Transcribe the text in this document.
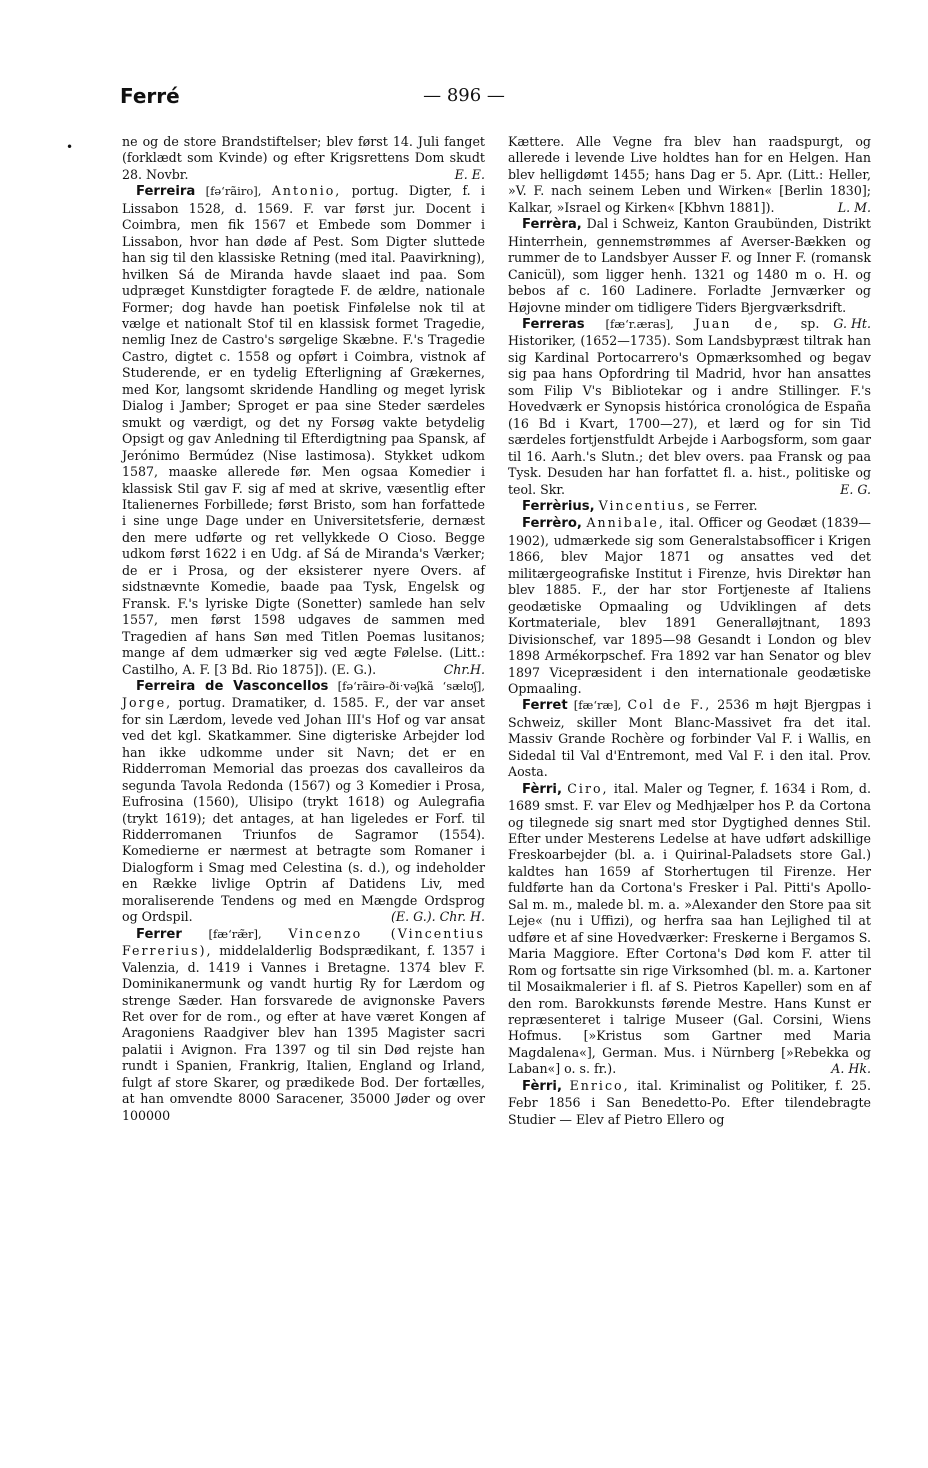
Ferré	— 896 —
•	ne og de store Brandstiftelser; blev først 14. Juli fanget (forklædt som Kvinde) og efter Krigsrettens Dom skudt 28. Novbr.	E. E.

Ferreira [fə‘rãiro], Antonio, portug. Digter, f. i Lissabon 1528, d. 1569. F. var først jur. Docent i Coimbra, men fik 1567 et Embede som Dommer i Lissabon, hvor han døde af Pest. Som Digter sluttede han sig til den klassiske Retning (med ital. Paavirkning), hvilken Sá de Miranda havde slaaet ind paa. Som udpræget Kunstdigter foragtede F. de ældre, nationale Former; dog havde han poetisk Finfølelse nok til at vælge et nationalt Stof til en klassisk formet Tragedie, nemlig Inez de Castro's sørgelige Skæbne. F.'s Tragedie Castro, digtet c. 1558 og opført i Coimbra, vistnok af Studerende, er en tydelig Efterligning af Grækernes, med Kor, langsomt skridende Handling og meget lyrisk Dialog i Jamber; Sproget er paa sine Steder særdeles smukt og værdigt, og det ny Forsøg vakte betydelig Opsigt og gav Anledning til Efterdigtning paa Spansk, af Jerónimo Bermúdez (Nise lastimosa). Stykket udkom 1587, maaske allerede før. Men ogsaa Komedier i klassisk Stil gav F. sig af med at skrive, væsentlig efter Italienernes Forbillede; først Bristo, som han forfattede i sine unge Dage under en Universitetsferie, dernæst den mere udførte og ret vellykkede O Cioso. Begge udkom først 1622 i en Udg. af Sá de Miranda's Værker; de er i Prosa, og der eksisterer nyere Overs. af sidstnævnte Komedie, baade paa Tysk, Engelsk og Fransk. F.'s lyriske Digte (Sonetter) samlede han selv 1557, men først 1598 udgaves de sammen med Tragedien af hans Søn med Titlen Poemas lusitanos; mange af dem udmærker sig ved ægte Følelse. (Litt.: Castilho, A. F. [3 Bd. Rio 1875]). (E. G.).	Chr.H.

Ferreira de Vasconcellos [fə‘rãirə-ðiˑvəʃkã ‘sælʊʃ], Jorge, portug. Dramatiker, d. 1585. F., der var anset for sin Lærdom, levede ved Johan III's Hof og var ansat ved det kgl. Skatkammer. Sine digteriske Arbejder lod han ikke udkomme under sit Navn; det er en Ridderroman Memorial das proezas dos cavalleiros da segunda Tavola Redonda (1567) og 3 Komedier i Prosa, Eufrosina (1560), Ulisipo (trykt 1618) og Aulegrafia (trykt 1619); det antages, at han ligeledes er Forf. til Ridderromanen Triunfos de Sagramor (1554). Komedierne er nærmest at betragte som Romaner i Dialogform i Smag med Celestina (s. d.), og indeholder en Række livlige Optrin af Datidens Liv, med moraliserende Tendens og med en Mængde Ordsprog og Ordspil.	(E. G.). Chr. H.

Ferrer [fæ‘ræ̃r], Vincenzo (Vincentius Ferrerius), middelalderlig Bodsprædikant, f. 1357 i Valenzia, d. 1419 i Vannes i Bretagne. 1374 blev F. Dominikanermunk og vandt hurtig Ry for Lærdom og strenge Sæder. Han forsvarede de avignonske Pavers Ret over for de rom., og efter at have været Kongen af Aragoniens Raadgiver blev han 1395 Magister sacri palatii i Avignon. Fra 1397 og til sin Død rejste han rundt i Spanien, Frankrig, Italien, England og Irland, fulgt af store Skarer, og prædikede Bod. Der fortælles, at han omvendte 8000 Saracener, 35000 Jøder og over 100000

Kættere. Alle Vegne fra blev han raadspurgt, og allerede i levende Live holdtes han for en Helgen. Han blev helligdømt 1455; hans Dag er 5. Apr. (Litt.: Heller, »V. F. nach seinem Leben und Wirken« [Berlin 1830]; Kalkar, »Israel og Kirken« [Kbhvn 1881]).	L. M.

Ferrèra, Dal i Schweiz, Kanton Graubünden, Distrikt Hinterrhein, gennemstrømmes af Averser-Bækken og rummer de to Landsbyer Ausser F. og Inner F. (romansk Canicül), som ligger henh. 1321 og 1480 m o. H. og bebos af c. 160 Ladinere. Forladte Jernværker og Højovne minder om tidligere Tiders Bjergværksdrift.
G. Ht.

Ferreras [fæ‘r.æras], Juan de, sp. Historiker, (1652—1735). Som Landsbypræst tiltrak han sig Kardinal Portocarrero's Opmærksomhed og begav sig paa hans Opfordring til Madrid, hvor han ansattes som Filip V's Bibliotekar og i andre Stillinger. F.'s Hovedværk er Synopsis histórica cronológica de España (16 Bd i Kvart, 1700—27), et lærd og for sin Tid særdeles fortjenstfuldt Arbejde i Aarbogsform, som gaar til 16. Aarh.'s Slutn.; det blev overs. paa Fransk og paa Tysk. Desuden har han forfattet fl. a. hist., politiske og teol. Skr.	E. G.

Ferrèrius, Vincentius, se Ferrer.

Ferrèro, Annibale, ital. Officer og Geodæt (1839—1902), udmærkede sig som Generalstabsofficer i Krigen 1866, blev Major 1871 og ansattes ved det militærgeografiske Institut i Firenze, hvis Direktør han blev 1885. F., der har stor Fortjeneste af Italiens geodætiske Opmaaling og Udviklingen af dets Kortmateriale, blev 1891 Generalløjtnant, 1893 Divisionschef, var 1895—98 Gesandt i London og blev 1898 Armékorpschef. Fra 1892 var han Senator og blev 1897 Vicepræsident i den internationale geodætiske Opmaaling.

Ferret [fæ‘ræ], Col de F., 2536 m højt Bjergpas i Schweiz, skiller Mont Blanc-Massivet fra det ital. Massiv Grande Rochère og forbinder Val F. i Wallis, en Sidedal til Val d'Entremont, med Val F. i den ital. Prov. Aosta.

Fèrri, Ciro, ital. Maler og Tegner, f. 1634 i Rom, d. 1689 smst. F. var Elev og Medhjælper hos P. da Cortona og tilegnede sig snart med stor Dygtighed dennes Stil. Efter under Mesterens Ledelse at have udført adskillige Freskoarbejder (bl. a. i Quirinal-Paladsets store Gal.) kaldtes han 1659 af Storhertugen til Firenze. Her fuldførte han da Cortona's Fresker i Pal. Pitti's Apollo-Sal m. m., malede bl. m. a. »Alexander den Store paa sit Leje« (nu i Uffizi), og herfra saa han Lejlighed til at udføre et af sine Hovedværker: Freskerne i Bergamos S. Maria Maggiore. Efter Cortona's Død kom F. atter til Rom og fortsatte sin rige Virksomhed (bl. m. a. Kartoner til Mosaikmalerier i fl. af S. Pietros Kapeller) som en af den rom. Barokkunsts førende Mestre. Hans Kunst er repræsenteret i talrige Museer (Gal. Corsini, Wiens Hofmus. [»Kristus som Gartner med Maria Magdalena«], German. Mus. i Nürnberg [»Rebekka og Laban«] o. s. fr.).	A. Hk.

Fèrri, Enrico, ital. Kriminalist og Politiker, f. 25. Febr 1856 i San Benedetto-Po. Efter tilendebragte Studier — Elev af Pietro Ellero og
